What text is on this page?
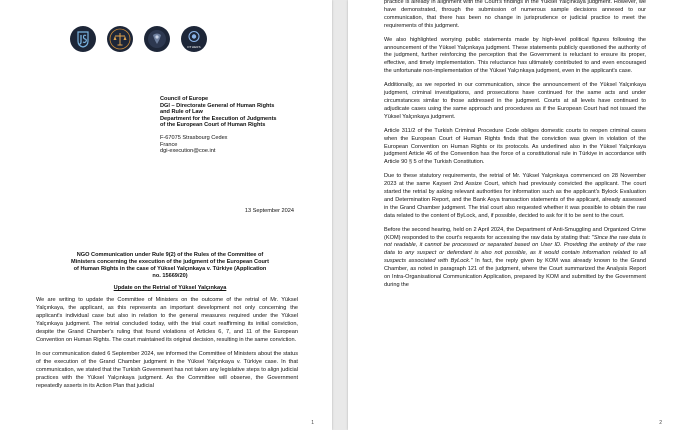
OTHERS
Council of Europe
DGI – Directorate General of Human Rights
and Rule of Law
Department for the Execution of Judgments
of the European Court of Human Rights
F-67075 Strasbourg Cedex
France
dgi-execution@coe.int
13 September 2024
NGO Communication under Rule 9(2) of the Rules of the Committee of Ministers concerning the execution of the judgment of the European Court of Human Rights in the case of Yüksel Yalçınkaya v. Türkiye (Application no. 15669/20)
Update on the Retrial of Yüksel Yalçınkaya

We are writing to update the Committee of Ministers on the outcome of the retrial of Mr. Yüksel Yalçınkaya, the applicant, as this represents an important development not only concerning the applicant's individual case but also in relation to the general measures required under the Yüksel Yalçınkaya judgment. The retrial concluded today, with the trial court reaffirming its initial conviction, despite the Grand Chamber's ruling that found violations of Articles 6, 7, and 11 of the European Convention on Human Rights. The court maintained its original decision, resulting in the same conviction.

In our communication dated 6 September 2024, we informed the Committee of Ministers about the status of the execution of the Grand Chamber judgment in the Yüksel Yalçınkaya v. Türkiye case. In that communication, we stated that the Turkish Government has not taken any legislative steps to align judicial practices with the Yüksel Yalçınkaya judgment. As the Committee will observe, the Government repeatedly asserts in its Action Plan that judicial

1

practice is already in alignment with the Court's findings in the Yüksel Yalçınkaya judgment. However, we have demonstrated, through the submission of numerous sample decisions annexed to our communication, that there has been no change in jurisprudence or judicial practice to meet the requirements of this judgment.

We also highlighted worrying public statements made by high-level political figures following the announcement of the Yüksel Yalçınkaya judgment. These statements publicly questioned the authority of the judgment, further reinforcing the perception that the Government is reluctant to ensure its proper, effective, and timely implementation. This reluctance has ultimately contributed to and even encouraged the unfortunate non-implementation of the Yüksel Yalçınkaya judgment, even in the applicant's case.

Additionally, as we reported in our communication, since the announcement of the Yüksel Yalçınkaya judgment, criminal investigations, and prosecutions have continued for the same acts and under circumstances similar to those addressed in the judgment. Courts at all levels have continued to adjudicate cases using the same approach and procedures as if the European Court had not issued the Yüksel Yalçınkaya judgment.

Article 311/2 of the Turkish Criminal Procedure Code obliges domestic courts to reopen criminal cases when the European Court of Human Rights finds that the conviction was given in violation of the European Convention on Human Rights or its protocols. As underlined also in the Yüksel Yalçınkaya judgment Article 46 of the Convention has the force of a constitutional rule in Türkiye in accordance with Article 90 § 5 of the Turkish Constitution.

Due to these statutory requirements, the retrial of Mr. Yüksel Yalçınkaya commenced on 28 November 2023 at the same Kayseri 2nd Assize Court, which had previously convicted the applicant. The court started the retrial by asking relevant authorities for information such as the applicant's Bylock Evaluation and Determination Report, and the Bank Asya transaction statements of the applicant, already assessed in the Grand Chamber judgment. The trial court also requested whether it was possible to obtain the raw data related to the content of ByLock, and, if possible, decided to ask for it to be sent to the court.

Before the second hearing, held on 2 April 2024, the Department of Anti-Smuggling and Organized Crime (KOM) responded to the court's requests for accessing the raw data by stating that: "Since the raw data is not readable, it cannot be processed or separated based on User ID. Providing the entirety of the raw data to any suspect or defendant is also not possible, as it would contain information related to all suspects associated with ByLock." In fact, the reply given by KOM was already known to the Grand Chamber, as noted in paragraph 121 of the judgment, where the Court summarized the Analysis Report on Intra-Organisational Communication Application, prepared by KOM and submitted by the Government during the

2
